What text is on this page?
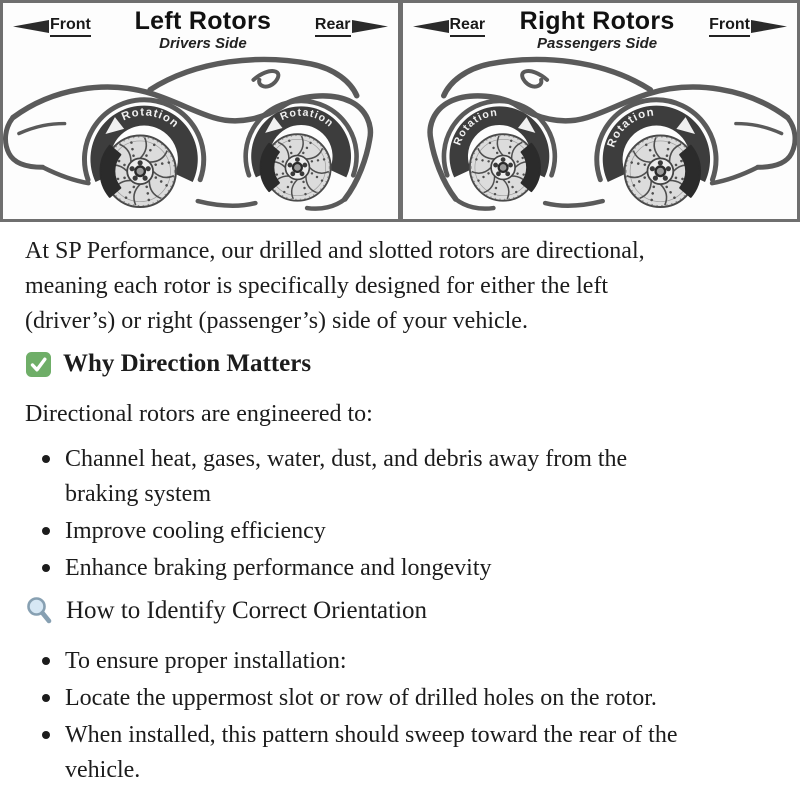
Front Left Rotors
Drivers Side
Rear	Rear Right Rotors
Passengers Side
Front

At SP Performance, our drilled and slotted rotors are directional,
meaning each rotor is specifically designed for either the left
(driver’s) or right (passenger’s) side of your vehicle.

Why Direction Matters

Directional rotors are engineered to:

Channel heat, gases, water, dust, and debris away from the
braking system
Improve cooling efficiency
Enhance braking performance and longevity
How to Identify Correct Orientation
To ensure proper installation:
Locate the uppermost slot or row of drilled holes on the rotor.
When installed, this pattern should sweep toward the rear of the
vehicle.
